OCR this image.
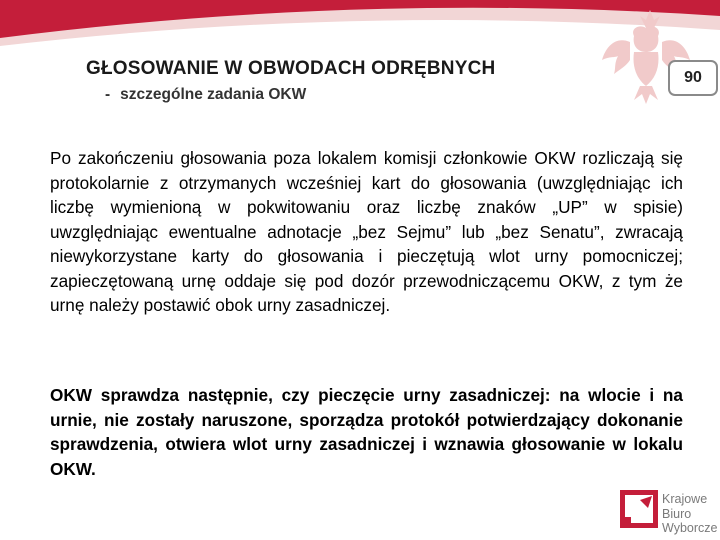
GŁOSOWANIE W OBWODACH ODRĘBNYCH
- szczególne zadania OKW
90
Po zakończeniu głosowania poza lokalem komisji członkowie OKW rozliczają się protokolarnie z otrzymanych wcześniej kart do głosowania (uwzględniając ich liczbę wymienioną w pokwitowaniu oraz liczbę znaków „UP” w spisie) uwzględniając ewentualne adnotacje „bez Sejmu” lub „bez Senatu”, zwracają niewykorzystane karty do głosowania i pieczętują wlot urny pomocniczej; zapieczętowaną urnę oddaje się pod dozór przewodniczącemu OKW, z tym że urnę należy postawić obok urny zasadniczej.
OKW sprawdza następnie, czy pieczęcie urny zasadniczej: na wlocie i na urnie, nie zostały naruszone, sporządza protokół potwierdzający dokonanie sprawdzenia, otwiera wlot urny zasadniczej i wznawia głosowanie w lokalu OKW.
Krajowe
Biuro
Wyborcze
